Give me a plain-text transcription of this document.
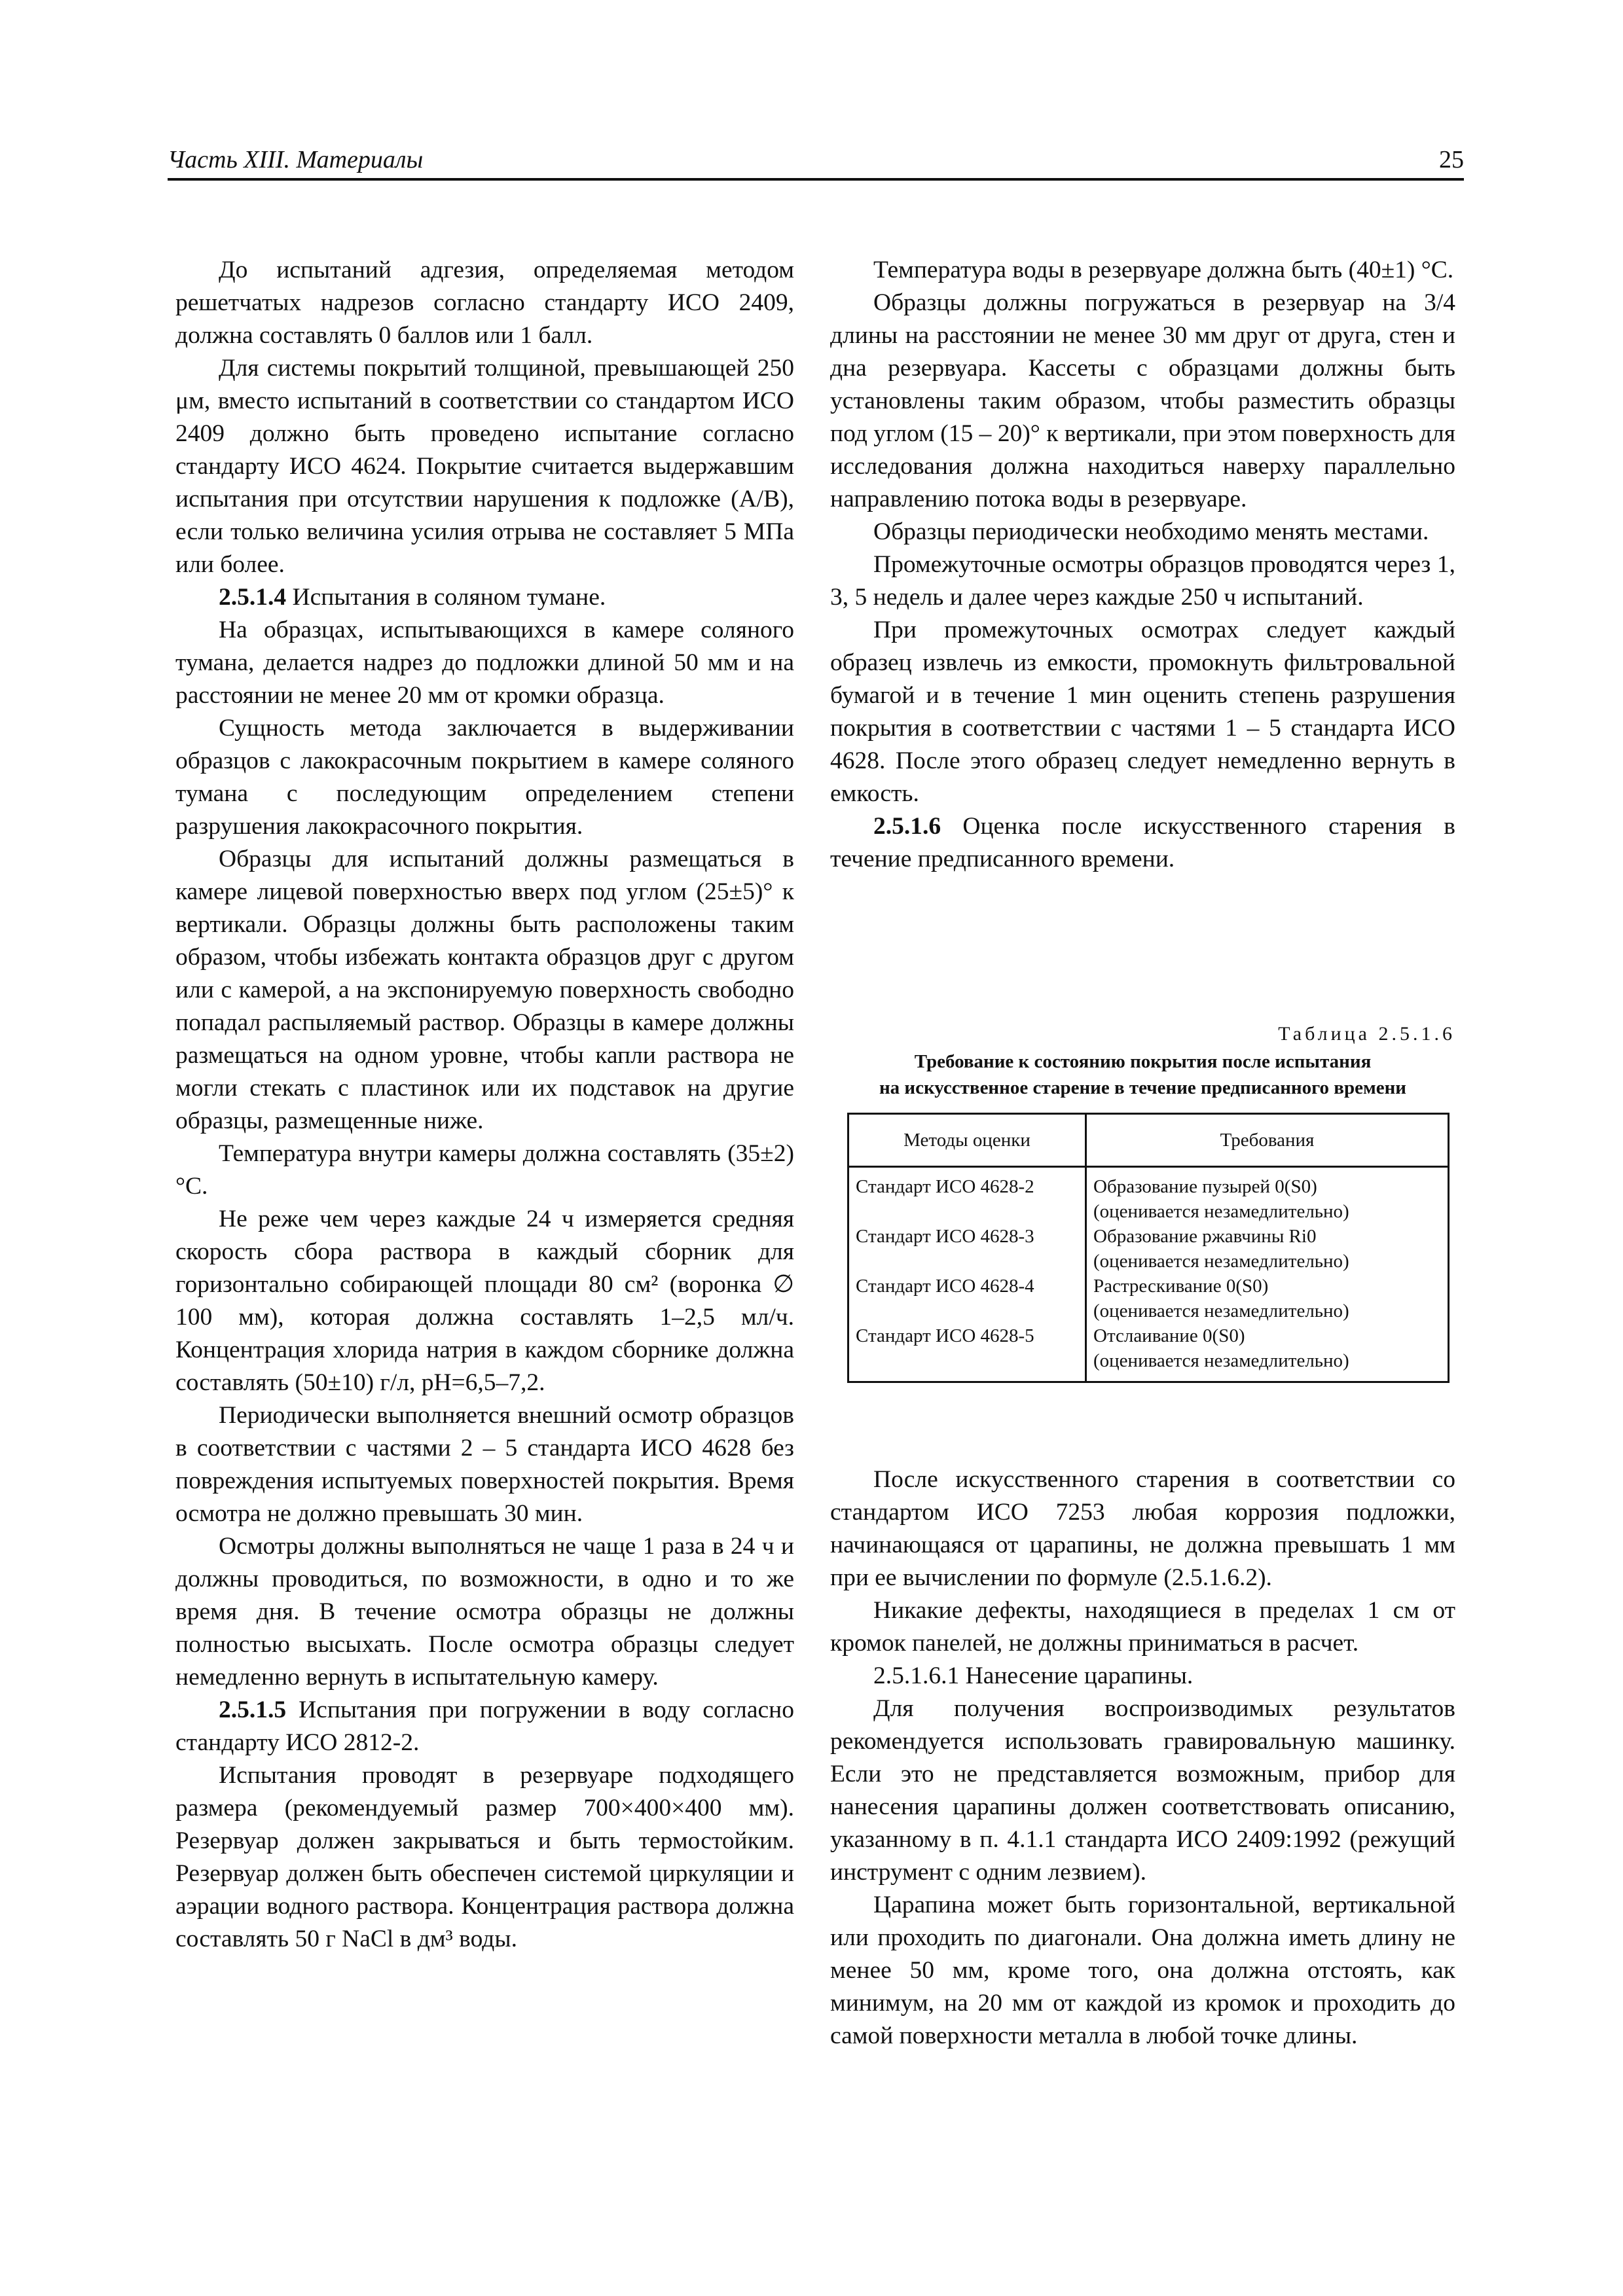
Часть XIII. Материалы	25

До испытаний адгезия, определяемая методом решетчатых надрезов согласно стандарту ИСО 2409, должна составлять 0 баллов или 1 балл.

Для системы покрытий толщиной, превышающей 250 μм, вместо испытаний в соответствии со стандартом ИСО 2409 должно быть проведено испытание согласно стандарту ИСО 4624. Покрытие считается выдержавшим испытания при отсутствии нарушения к подложке (A/B), если только величина усилия отрыва не составляет 5 МПа или более.

2.5.1.4 Испытания в соляном тумане.

На образцах, испытывающихся в камере соляного тумана, делается надрез до подложки длиной 50 мм и на расстоянии не менее 20 мм от кромки образца.

Сущность метода заключается в выдерживании образцов с лакокрасочным покрытием в камере соляного тумана с последующим определением степени разрушения лакокрасочного покрытия.

Образцы для испытаний должны размещаться в камере лицевой поверхностью вверх под углом (25±5)° к вертикали. Образцы должны быть расположены таким образом, чтобы избежать контакта образцов друг с другом или с камерой, а на экспонируемую поверхность свободно попадал распыляемый раствор. Образцы в камере должны размещаться на одном уровне, чтобы капли раствора не могли стекать с пластинок или их подставок на другие образцы, размещенные ниже.

Температура внутри камеры должна составлять (35±2) °С.

Не реже чем через каждые 24 ч измеряется средняя скорость сбора раствора в каждый сборник для горизонтально собирающей площади 80 см² (воронка ∅ 100 мм), которая должна составлять 1–2,5 мл/ч. Концентрация хлорида натрия в каждом сборнике должна составлять (50±10) г/л, pH=6,5–7,2.

Периодически выполняется внешний осмотр образцов в соответствии с частями 2 – 5 стандарта ИСО 4628 без повреждения испытуемых поверхностей покрытия. Время осмотра не должно превышать 30 мин.

Осмотры должны выполняться не чаще 1 раза в 24 ч и должны проводиться, по возможности, в одно и то же время дня. В течение осмотра образцы не должны полностью высыхать. После осмотра образцы следует немедленно вернуть в испытательную камеру.

2.5.1.5 Испытания при погружении в воду согласно стандарту ИСО 2812-2.

Испытания проводят в резервуаре подходящего размера (рекомендуемый размер 700×400×400 мм). Резервуар должен закрываться и быть термостойким. Резервуар должен быть обеспечен системой циркуляции и аэрации водного раствора. Концентрация раствора должна составлять 50 г NaCl в дм³ воды.

Температура воды в резервуаре должна быть (40±1) °С.

Образцы должны погружаться в резервуар на 3/4 длины на расстоянии не менее 30 мм друг от друга, стен и дна резервуара. Кассеты с образцами должны быть установлены таким образом, чтобы разместить образцы под углом (15 – 20)° к вертикали, при этом поверхность для исследования должна находиться наверху параллельно направлению потока воды в резервуаре.

Образцы периодически необходимо менять местами.

Промежуточные осмотры образцов проводятся через 1, 3, 5 недель и далее через каждые 250 ч испытаний.

При промежуточных осмотрах следует каждый образец извлечь из емкости, промокнуть фильтровальной бумагой и в течение 1 мин оценить степень разрушения покрытия в соответствии с частями 1 – 5 стандарта ИСО 4628. После этого образец следует немедленно вернуть в емкость.

2.5.1.6 Оценка после искусственного старения в течение предписанного времени.

Таблица 2.5.1.6
Требование к состоянию покрытия после испытания
на искусственное старение в течение предписанного времени
Методы оценки	Требования
Стандарт ИСО 4628-2	Образование пузырей 0(S0)
(оценивается незамедлительно)

Стандарт ИСО 4628-3	Образование ржавчины Ri0
(оценивается незамедлительно)

Стандарт ИСО 4628-4	Растрескивание 0(S0)
(оценивается незамедлительно)

Стандарт ИСО 4628-5	Отслаивание 0(S0)
(оценивается незамедлительно)

После искусственного старения в соответствии со стандартом ИСО 7253 любая коррозия подложки, начинающаяся от царапины, не должна превышать 1 мм при ее вычислении по формуле (2.5.1.6.2).

Никакие дефекты, находящиеся в пределах 1 см от кромок панелей, не должны приниматься в расчет.

2.5.1.6.1 Нанесение царапины.

Для получения воспроизводимых результатов рекомендуется использовать гравировальную машинку. Если это не представляется возможным, прибор для нанесения царапины должен соответствовать описанию, указанному в п. 4.1.1 стандарта ИСО 2409:1992 (режущий инструмент с одним лезвием).

Царапина может быть горизонтальной, вертикальной или проходить по диагонали. Она должна иметь длину не менее 50 мм, кроме того, она должна отстоять, как минимум, на 20 мм от каждой из кромок и проходить до самой поверхности металла в любой точке длины.
